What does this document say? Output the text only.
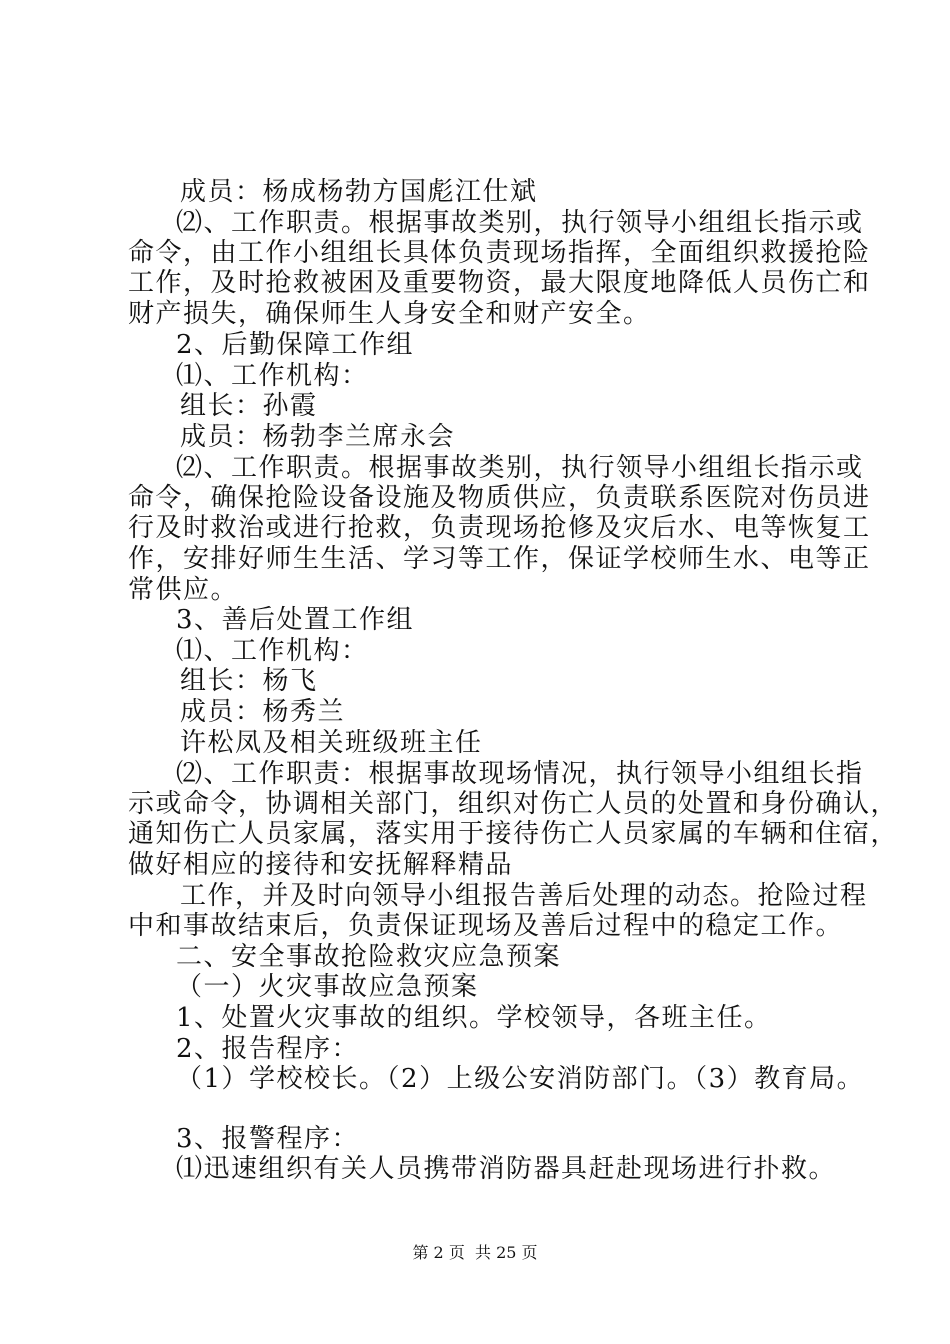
成员：杨成杨勃方国彪江仕斌
⑵、工作职责。根据事故类别，执行领导小组组长指示或
命令，由工作小组组长具体负责现场指挥，全面组织救援抢险
工作，及时抢救被困及重要物资，最大限度地降低人员伤亡和
财产损失，确保师生人身安全和财产安全。
2、后勤保障工作组
⑴、工作机构：
组长：孙霞
成员：杨勃李兰席永会
⑵、工作职责。根据事故类别，执行领导小组组长指示或
命令，确保抢险设备设施及物质供应，负责联系医院对伤员进
行及时救治或进行抢救，负责现场抢修及灾后水、电等恢复工
作，安排好师生生活、学习等工作，保证学校师生水、电等正
常供应。
3、善后处置工作组
⑴、工作机构：
组长：杨飞
成员：杨秀兰
许松凤及相关班级班主任
⑵、工作职责：根据事故现场情况，执行领导小组组长指
示或命令，协调相关部门，组织对伤亡人员的处置和身份确认，
通知伤亡人员家属，落实用于接待伤亡人员家属的车辆和住宿，
做好相应的接待和安抚解释精品
工作，并及时向领导小组报告善后处理的动态。抢险过程
中和事故结束后，负责保证现场及善后过程中的稳定工作。
二、安全事故抢险救灾应急预案
（一）火灾事故应急预案
1、处置火灾事故的组织。学校领导，各班主任。
2、报告程序：
（1）学校校长。（2）上级公安消防部门。（3）教育局。
3、报警程序：
⑴迅速组织有关人员携带消防器具赶赴现场进行扑救。
第 2 页  共 25 页
